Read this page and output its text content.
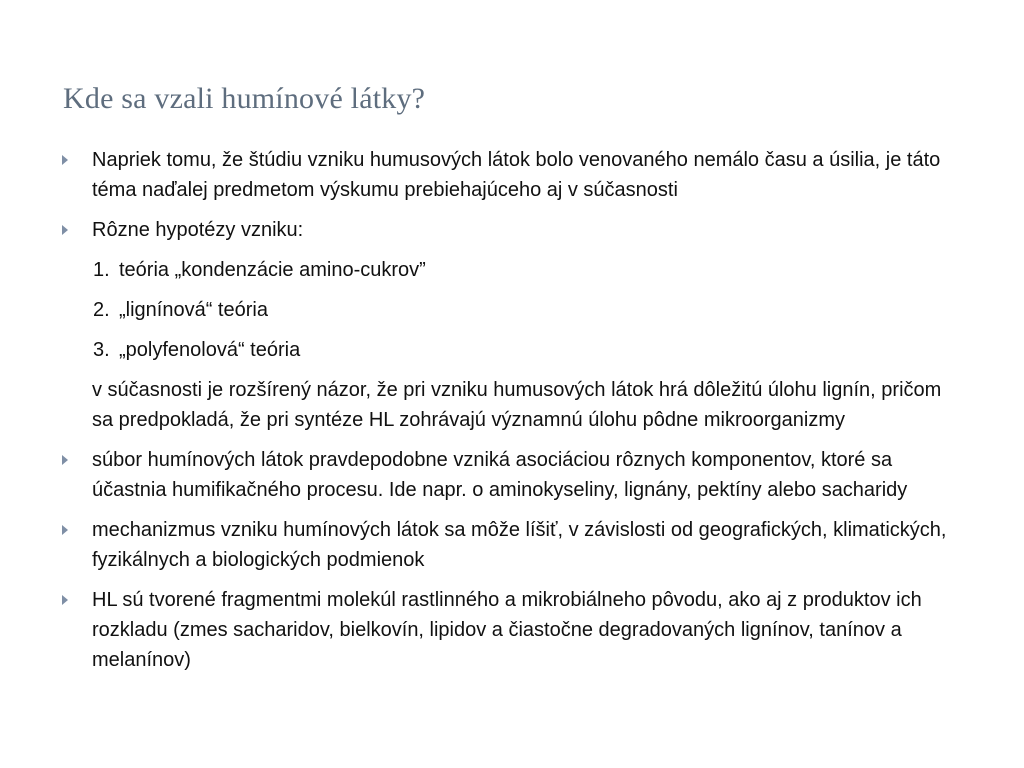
Kde sa vzali humínové látky?
Napriek tomu, že štúdiu vzniku humusových látok bolo venovaného nemálo času a úsilia, je táto téma naďalej predmetom výskumu prebiehajúceho aj v súčasnosti
Rôzne hypotézy vzniku:
1. teória „kondenzácie amino-cukrov”
2. „lignínová“ teória
3. „polyfenolová“ teória
v súčasnosti je rozšírený názor, že pri vzniku humusových látok hrá dôležitú úlohu lignín, pričom sa predpokladá, že pri syntéze HL zohrávajú významnú úlohu pôdne mikroorganizmy
súbor humínových látok pravdepodobne vzniká asociáciou rôznych komponentov, ktoré sa účastnia humifikačného procesu. Ide napr. o aminokyseliny, lignány, pektíny alebo sacharidy
mechanizmus vzniku humínových látok sa môže líšiť, v závislosti od geografických, klimatických, fyzikálnych a biologických podmienok
HL sú tvorené fragmentmi molekúl rastlinného a mikrobiálneho pôvodu, ako aj z produktov ich rozkladu (zmes sacharidov, bielkovín, lipidov a čiastočne degradovaných lignínov, tanínov a melanínov)
